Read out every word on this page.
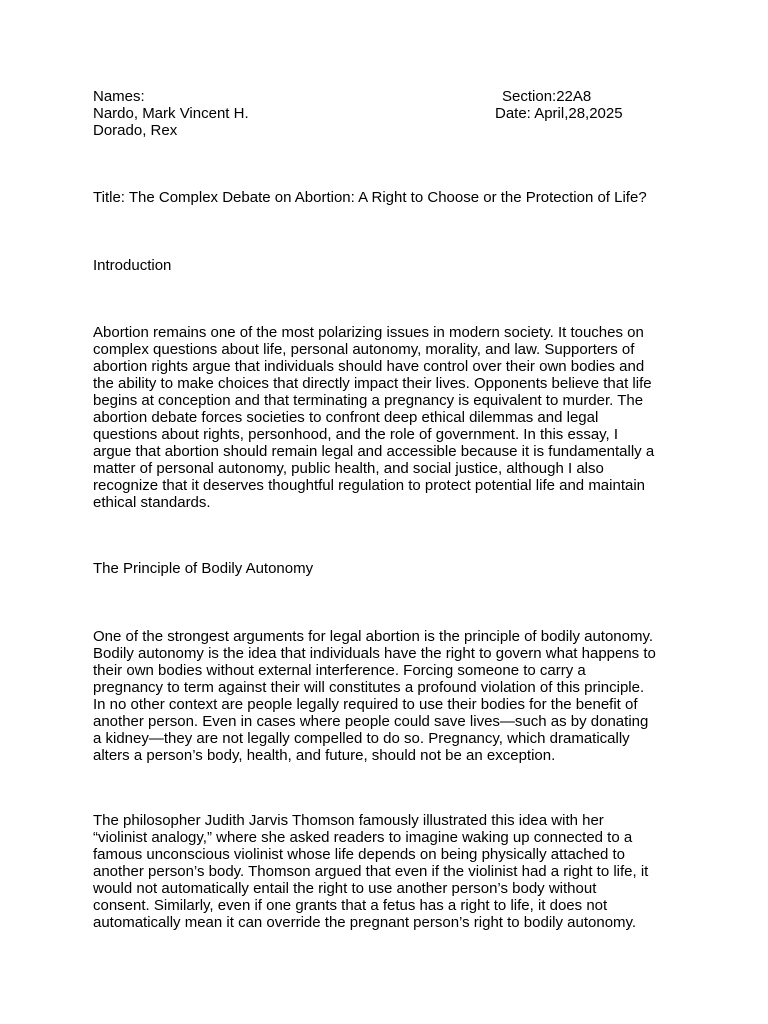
Names:
Nardo, Mark Vincent H.
Dorado, Rex
Section:22A8
Date: April,28,2025
Title: The Complex Debate on Abortion: A Right to Choose or the Protection of Life?
Introduction
Abortion remains one of the most polarizing issues in modern society. It touches on
complex questions about life, personal autonomy, morality, and law. Supporters of
abortion rights argue that individuals should have control over their own bodies and
the ability to make choices that directly impact their lives. Opponents believe that life
begins at conception and that terminating a pregnancy is equivalent to murder. The
abortion debate forces societies to confront deep ethical dilemmas and legal
questions about rights, personhood, and the role of government. In this essay, I
argue that abortion should remain legal and accessible because it is fundamentally a
matter of personal autonomy, public health, and social justice, although I also
recognize that it deserves thoughtful regulation to protect potential life and maintain
ethical standards.
The Principle of Bodily Autonomy
One of the strongest arguments for legal abortion is the principle of bodily autonomy.
Bodily autonomy is the idea that individuals have the right to govern what happens to
their own bodies without external interference. Forcing someone to carry a
pregnancy to term against their will constitutes a profound violation of this principle.
In no other context are people legally required to use their bodies for the benefit of
another person. Even in cases where people could save lives—such as by donating
a kidney—they are not legally compelled to do so. Pregnancy, which dramatically
alters a person’s body, health, and future, should not be an exception.
The philosopher Judith Jarvis Thomson famously illustrated this idea with her
“violinist analogy,” where she asked readers to imagine waking up connected to a
famous unconscious violinist whose life depends on being physically attached to
another person’s body. Thomson argued that even if the violinist had a right to life, it
would not automatically entail the right to use another person’s body without
consent. Similarly, even if one grants that a fetus has a right to life, it does not
automatically mean it can override the pregnant person’s right to bodily autonomy.
